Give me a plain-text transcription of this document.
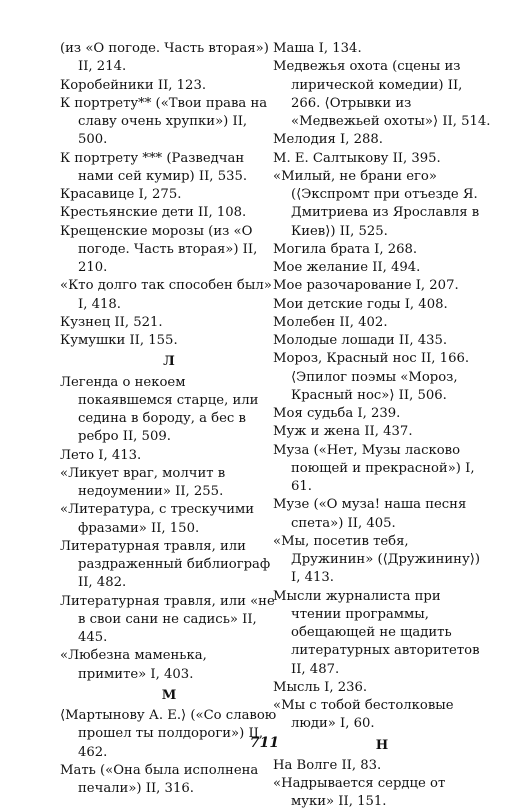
(из «О погоде. Часть вторая») II, 214.
Коробейники II, 123.
К портрету** («Твои права на славу очень хрупки») II, 500.
К портрету *** (Разведчан нами сей кумир) II, 535.
Красавице I, 275.
Крестьянские дети II, 108.
Крещенские морозы (из «О погоде. Часть вторая») II, 210.
«Кто долго так способен был» I, 418.
Кузнец II, 521.
Кумушки II, 155.
Л
Легенда о некоем покаявшемся старце, или седина в бороду, а бес в ребро II, 509.
Лето I, 413.
«Ликует враг, молчит в недоумении» II, 255.
«Литература, с трескучими фразами» II, 150.
Литературная травля, или раздраженный библиограф II, 482.
Литературная травля, или «не в свои сани не садись» II, 445.
«Любезна маменька, примите» I, 403.
М
⟨Мартынову А. Е.⟩ («Со славою прошел ты полдороги») II, 462.
Мать («Она была исполнена печали») II, 316.
Маша I, 134.
Медвежья охота (сцены из лирической комедии) II, 266. ⟨Отрывки из «Медвежьей охоты»⟩ II, 514.
Мелодия I, 288.
М. Е. Салтыкову II, 395.
«Милый, не брани его» (⟨Экспромт при отъезде Я. Дмитриева из Ярославля в Киев⟩) II, 525.
Могила брата I, 268.
Мое желание II, 494.
Мое разочарование I, 207.
Мои детские годы I, 408.
Молебен II, 402.
Молодые лошади II, 435.
Мороз, Красный нос II, 166. ⟨Эпилог поэмы «Мороз, Красный нос»⟩ II, 506.
Моя судьба I, 239.
Муж и жена II, 437.
Муза («Нет, Музы ласково поющей и прекрасной») I, 61.
Музе («О муза! наша песня спета») II, 405.
«Мы, посетив тебя, Дружинин» (⟨Дружинину⟩) I, 413.
Мысли журналиста при чтении программы, обещающей не щадить литературных авторитетов II, 487.
Мысль I, 236.
«Мы с тобой бестолковые люди» I, 60.
Н
На Волге II, 83.
«Надрывается сердце от муки» II, 151.
711
